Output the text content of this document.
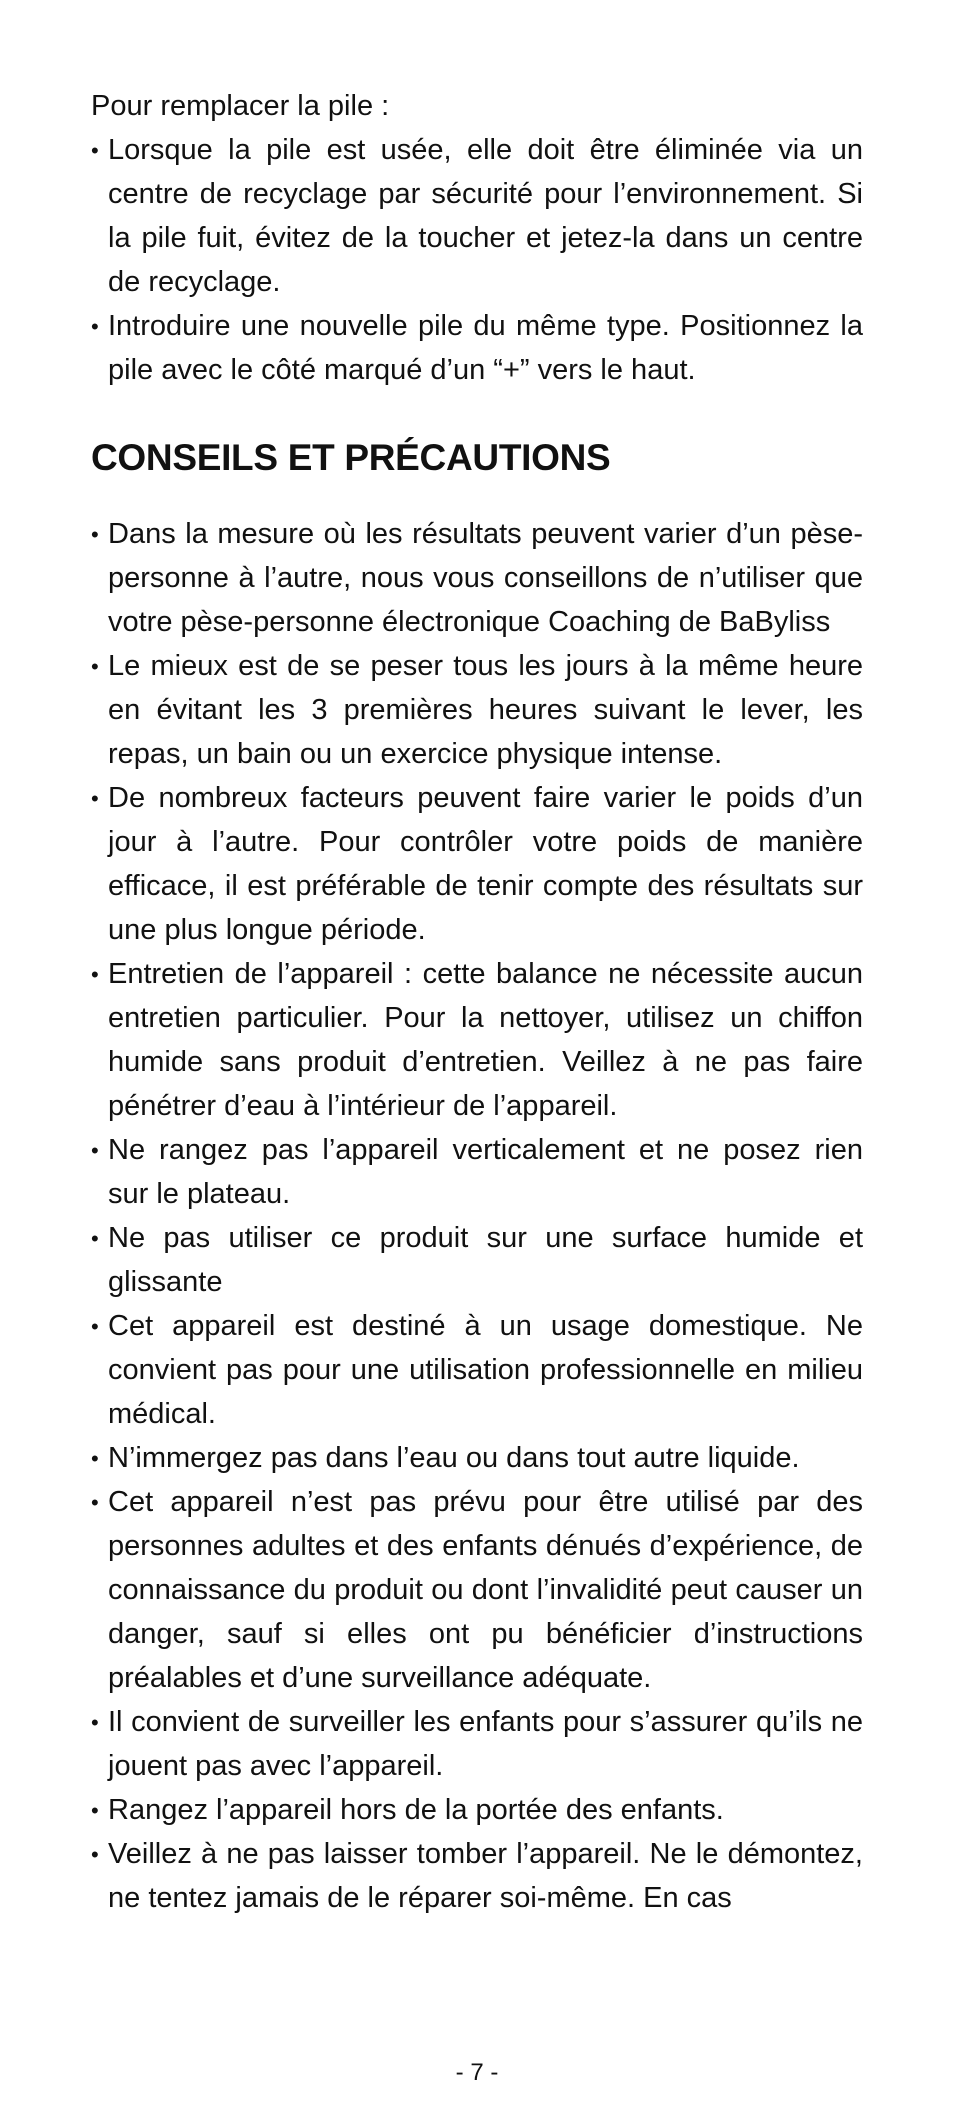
Pour remplacer la pile :

• Lorsque la pile est usée, elle doit être éliminée via un centre de recyclage par sécurité pour l’environnement. Si la pile fuit, évitez de la toucher et jetez-la dans un centre de recyclage.
• Introduire une nouvelle pile du même type. Positionnez la pile avec le côté marqué d’un “+” vers le haut.
CONSEILS ET PRÉCAUTIONS
• Dans la mesure où les résultats peuvent varier d’un pèse-personne à l’autre, nous vous conseillons de n’utiliser que votre pèse-personne électronique Coaching de BaByliss
• Le mieux est de se peser tous les jours à la même heure en évitant les 3 premières heures suivant le lever, les repas, un bain ou un exercice physique intense.
• De nombreux facteurs peuvent faire varier le poids d’un jour à l’autre. Pour contrôler votre poids de manière efficace, il est préférable de tenir compte des résultats sur une plus longue période.
• Entretien de l’appareil : cette balance ne nécessite aucun entretien particulier. Pour la nettoyer, utilisez un chiffon humide sans produit d’entretien. Veillez à ne pas faire pénétrer d’eau à l’intérieur de l’appareil.
• Ne rangez pas l’appareil verticalement et ne posez rien sur le plateau.
• Ne pas utiliser ce produit sur une surface humide et glissante
• Cet appareil est destiné à un usage domestique. Ne convient pas pour une utilisation professionnelle en milieu médical.
• N’immergez pas dans l’eau ou dans tout autre liquide.
• Cet appareil n’est pas prévu pour être utilisé par des personnes adultes et des enfants dénués d’expérience, de connaissance du produit ou dont l’invalidité peut causer un danger, sauf si elles ont pu bénéficier d’instructions préalables et d’une surveillance adéquate.
• Il convient de surveiller les enfants pour s’assurer qu’ils ne jouent pas avec l’appareil.
• Rangez l’appareil hors de la portée des enfants.
• Veillez à ne pas laisser tomber l’appareil. Ne le démontez, ne tentez jamais de le réparer soi-même. En cas
- 7 -
